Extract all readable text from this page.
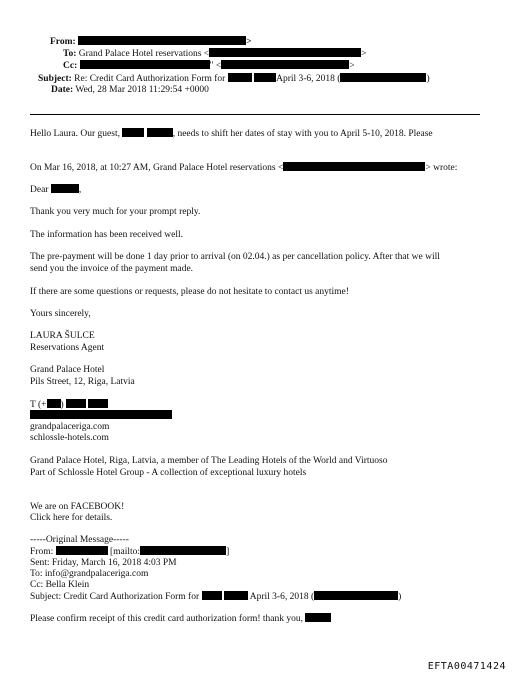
From:	>
To: Grand Palace Hotel reservations <	>
Cc:	" <	>
Subject: Re: Credit Card Authorization Form for	April 3-6, 2018 (	)
Date: Wed, 28 Mar 2018 11:29:54 +0000
Hello Laura. Our guest,	, needs to shift her dates of stay with you to April 5-10, 2018. Please
On Mar 16, 2018, at 10:27 AM, Grand Palace Hotel reservations <	> wrote:
Dear	,
Thank you very much for your prompt reply.
The information has been received well.
The pre-payment will be done 1 day prior to arrival (on 02.04.) as per cancellation policy. After that we will
send you the invoice of the payment made.
If there are some questions or requests, please do not hesitate to contact us anytime!
Yours sincerely,
LAURA ŠULCE
Reservations Agent
Grand Palace Hotel
Pils Street, 12, Riga, Latvia
T (+ )
grandpalaceriga.com
schlossle-hotels.com
Grand Palace Hotel, Riga, Latvia, a member of The Leading Hotels of the World and Virtuoso
Part of Schlossle Hotel Group - A collection of exceptional luxury hotels
We are on FACEBOOK!
Click here for details.
-----Original Message-----
From:	[mailto:	]
Sent: Friday, March 16, 2018 4:03 PM
To: info@grandpalaceriga.com
Cc: Bella Klein
Subject: Credit Card Authorization Form for	April 3-6, 2018 (	)
Please confirm receipt of this credit card authorization form! thank you,
EFTA00471424
